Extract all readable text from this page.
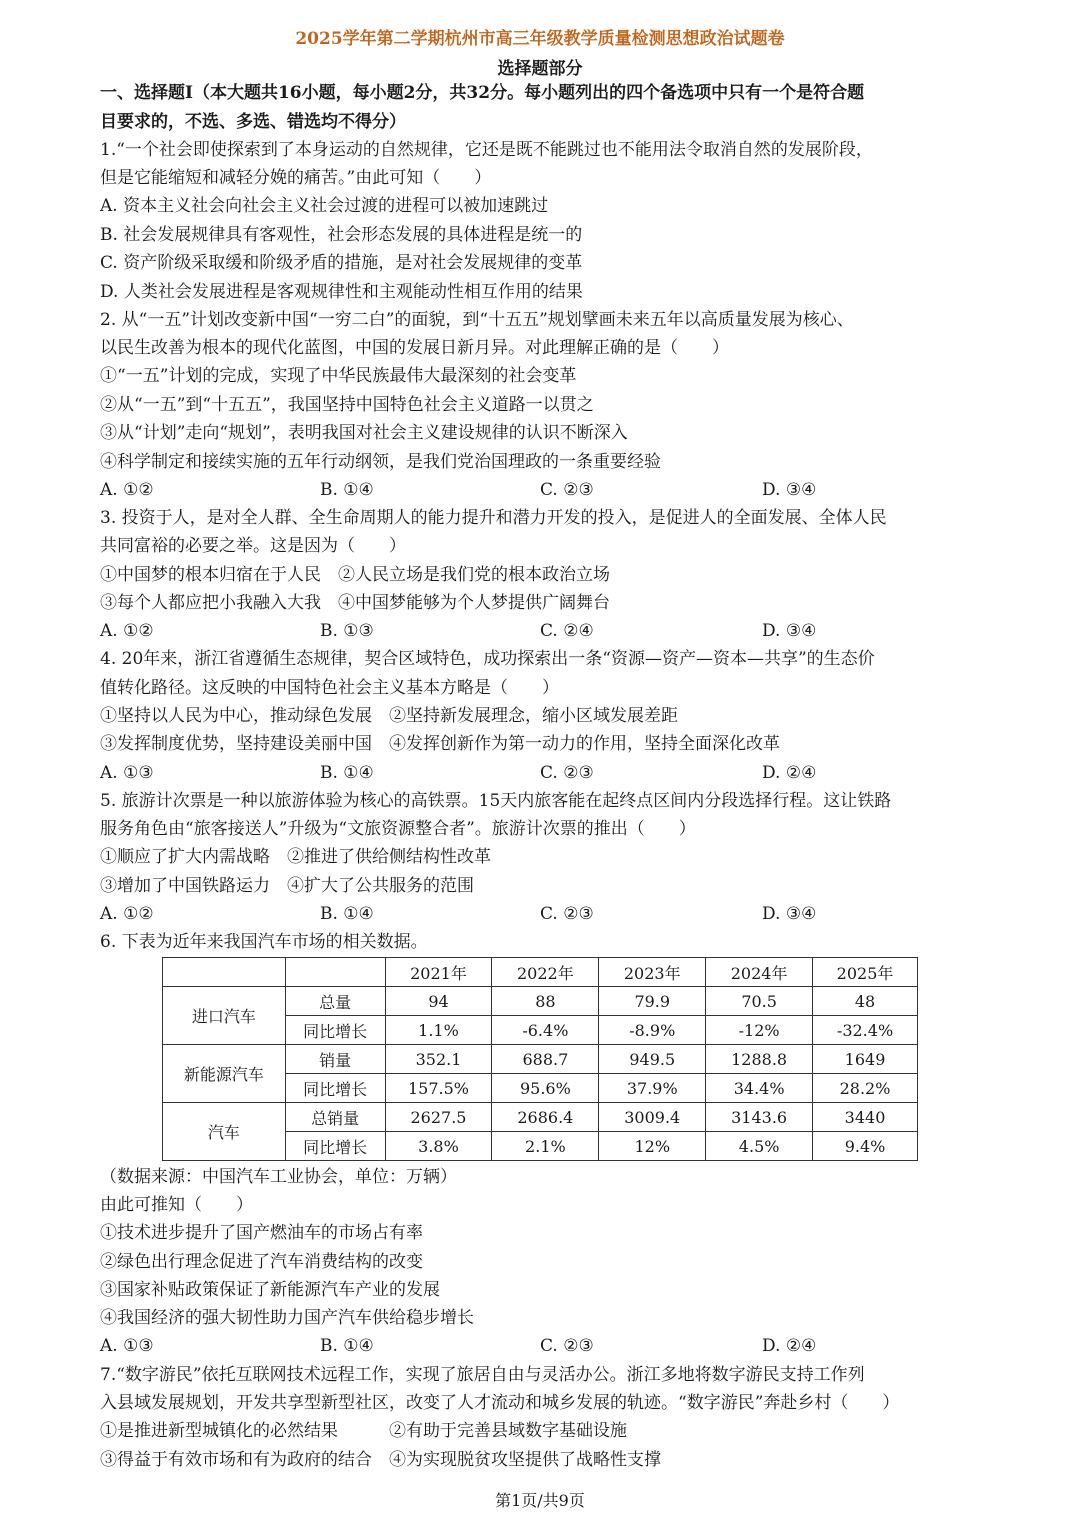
2025学年第二学期杭州市高三年级教学质量检测思想政治试题卷
选择题部分
一、选择题Ⅰ（本大题共16小题，每小题2分，共32分。每小题列出的四个备选项中只有一个是符合题
目要求的，不选、多选、错选均不得分）
1.“一个社会即使探索到了本身运动的自然规律，它还是既不能跳过也不能用法令取消自然的发展阶段，
但是它能缩短和减轻分娩的痛苦。”由此可知（　　）
A. 资本主义社会向社会主义社会过渡的进程可以被加速跳过
B. 社会发展规律具有客观性，社会形态发展的具体进程是统一的
C. 资产阶级采取缓和阶级矛盾的措施，是对社会发展规律的变革
D. 人类社会发展进程是客观规律性和主观能动性相互作用的结果
2. 从“一五”计划改变新中国“一穷二白”的面貌，到“十五五”规划擘画未来五年以高质量发展为核心、
以民生改善为根本的现代化蓝图，中国的发展日新月异。对此理解正确的是（　　）
①“一五”计划的完成，实现了中华民族最伟大最深刻的社会变革
②从“一五”到“十五五”，我国坚持中国特色社会主义道路一以贯之
③从“计划”走向“规划”，表明我国对社会主义建设规律的认识不断深入
④科学制定和接续实施的五年行动纲领，是我们党治国理政的一条重要经验
A. ①②	B. ①④	C. ②③	D. ③④
3. 投资于人，是对全人群、全生命周期人的能力提升和潜力开发的投入，是促进人的全面发展、全体人民
共同富裕的必要之举。这是因为（　　）
①中国梦的根本归宿在于人民　②人民立场是我们党的根本政治立场
③每个人都应把小我融入大我　④中国梦能够为个人梦提供广阔舞台
A. ①②	B. ①③	C. ②④	D. ③④
4. 20年来，浙江省遵循生态规律，契合区域特色，成功探索出一条“资源—资产—资本—共享”的生态价
值转化路径。这反映的中国特色社会主义基本方略是（　　）
①坚持以人民为中心，推动绿色发展　②坚持新发展理念，缩小区域发展差距
③发挥制度优势，坚持建设美丽中国　④发挥创新作为第一动力的作用，坚持全面深化改革
A. ①③	B. ①④	C. ②③	D. ②④
5. 旅游计次票是一种以旅游体验为核心的高铁票。15天内旅客能在起终点区间内分段选择行程。这让铁路
服务角色由“旅客接送人”升级为“文旅资源整合者”。旅游计次票的推出（　　）
①顺应了扩大内需战略　②推进了供给侧结构性改革
③增加了中国铁路运力　④扩大了公共服务的范围
A. ①②	B. ①④	C. ②③	D. ③④
6. 下表为近年来我国汽车市场的相关数据。
		2021年	2022年	2023年	2024年	2025年
进口汽车	总量	94	88	79.9	70.5	48
	同比增长	1.1%	-6.4%	-8.9%	-12%	-32.4%
新能源汽车	销量	352.1	688.7	949.5	1288.8	1649
	同比增长	157.5%	95.6%	37.9%	34.4%	28.2%
汽车	总销量	2627.5	2686.4	3009.4	3143.6	3440
	同比增长	3.8%	2.1%	12%	4.5%	9.4%
（数据来源：中国汽车工业协会，单位：万辆）
由此可推知（　　）
①技术进步提升了国产燃油车的市场占有率
②绿色出行理念促进了汽车消费结构的改变
③国家补贴政策保证了新能源汽车产业的发展
④我国经济的强大韧性助力国产汽车供给稳步增长
A. ①③	B. ①④	C. ②③	D. ②④
7.“数字游民”依托互联网技术远程工作，实现了旅居自由与灵活办公。浙江多地将数字游民支持工作列
入县域发展规划，开发共享型新型社区，改变了人才流动和城乡发展的轨迹。“数字游民”奔赴乡村（　　）
①是推进新型城镇化的必然结果　　　②有助于完善县域数字基础设施
③得益于有效市场和有为政府的结合　④为实现脱贫攻坚提供了战略性支撑
第1页/共9页
